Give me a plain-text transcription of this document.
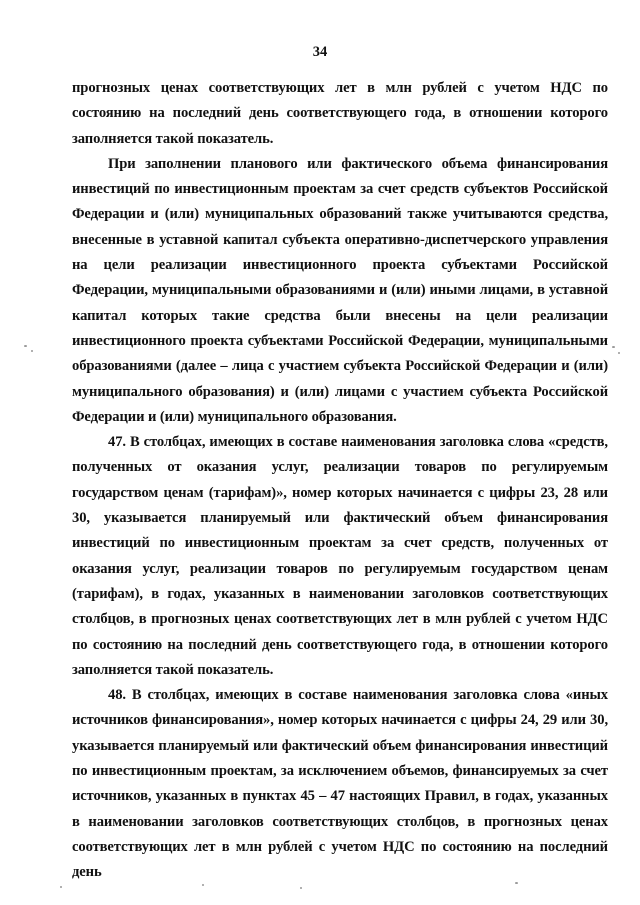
34

прогнозных ценах соответствующих лет в млн рублей с учетом НДС по состоянию на последний день соответствующего года, в отношении которого заполняется такой показатель.

При заполнении планового или фактического объема финансирования инвестиций по инвестиционным проектам за счет средств субъектов Российской Федерации и (или) муниципальных образований также учитываются средства, внесенные в уставной капитал субъекта оперативно-диспетчерского управления на цели реализации инвестиционного проекта субъектами Российской Федерации, муниципальными образованиями и (или) иными лицами, в уставной капитал которых такие средства были внесены на цели реализации инвестиционного проекта субъектами Российской Федерации, муниципальными образованиями (далее – лица с участием субъекта Российской Федерации и (или) муниципального образования) и (или) лицами с участием субъекта Российской Федерации и (или) муниципального образования.

47. В столбцах, имеющих в составе наименования заголовка слова «средств, полученных от оказания услуг, реализации товаров по регулируемым государством ценам (тарифам)», номер которых начинается с цифры 23, 28 или 30, указывается планируемый или фактический объем финансирования инвестиций по инвестиционным проектам за счет средств, полученных от оказания услуг, реализации товаров по регулируемым государством ценам (тарифам), в годах, указанных в наименовании заголовков соответствующих столбцов, в прогнозных ценах соответствующих лет в млн рублей с учетом НДС по состоянию на последний день соответствующего года, в отношении которого заполняется такой показатель.

48. В столбцах, имеющих в составе наименования заголовка слова «иных источников финансирования», номер которых начинается с цифры 24, 29 или 30, указывается планируемый или фактический объем финансирования инвестиций по инвестиционным проектам, за исключением объемов, финансируемых за счет источников, указанных в пунктах 45 – 47 настоящих Правил, в годах, указанных в наименовании заголовков соответствующих столбцов, в прогнозных ценах соответствующих лет в млн рублей с учетом НДС по состоянию на последний день
